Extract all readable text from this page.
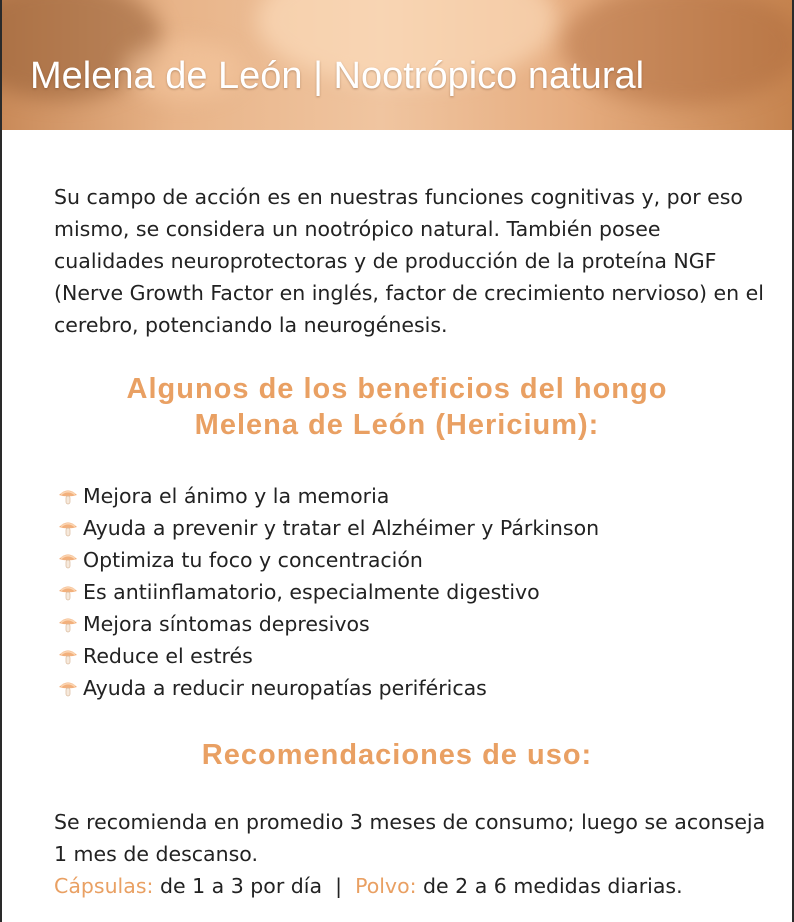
Melena de León | Nootrópico natural

Su campo de acción es en nuestras funciones cognitivas y, por eso mismo, se considera un nootrópico natural. También posee cualidades neuroprotectoras y de producción de la proteína NGF (Nerve Growth Factor en inglés, factor de crecimiento nervioso) en el cerebro, potenciando la neurogénesis.

Algunos de los beneficios del hongo
Melena de León (Hericium):
Mejora el ánimo y la memoria
Ayuda a prevenir y tratar el Alzhéimer y Párkinson
Optimiza tu foco y concentración
Es antiinflamatorio, especialmente digestivo
Mejora síntomas depresivos
Reduce el estrés
Ayuda a reducir neuropatías periféricas
Recomendaciones de uso:

Se recomienda en promedio 3 meses de consumo; luego se aconseja 1 mes de descanso.

Cápsulas: de 1 a 3 por día | Polvo: de 2 a 6 medidas diarias.
